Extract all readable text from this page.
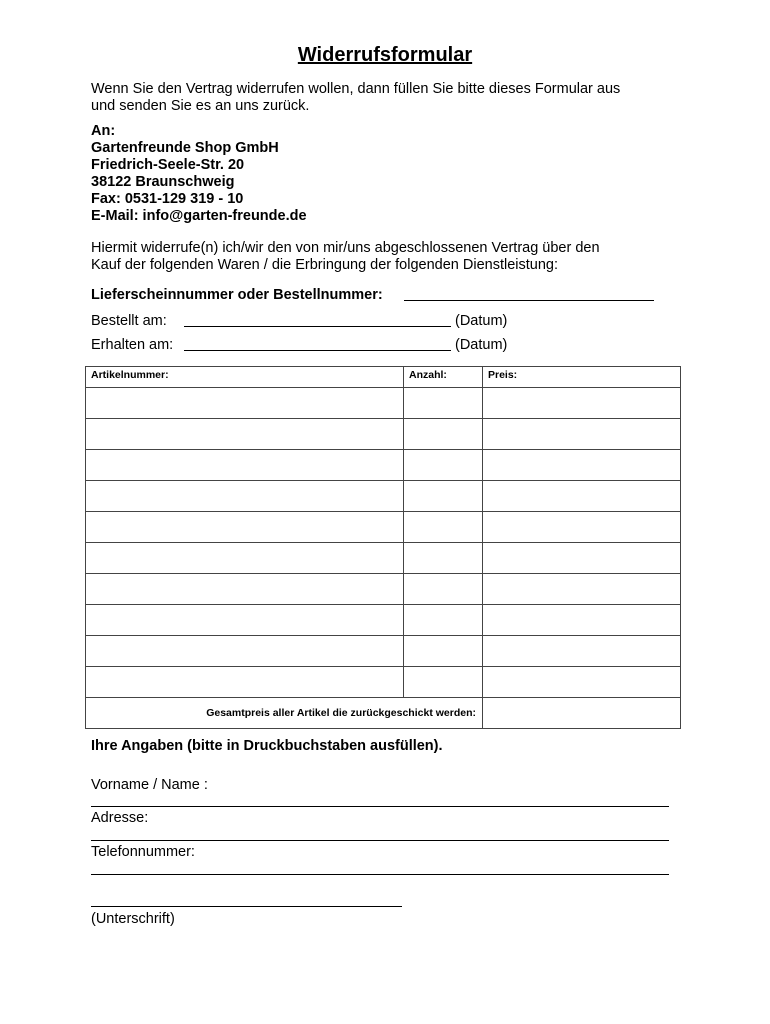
Widerrufsformular
Wenn Sie den Vertrag widerrufen wollen, dann füllen Sie bitte dieses Formular aus
und senden Sie es an uns zurück.
An:
Gartenfreunde Shop GmbH
Friedrich-Seele-Str. 20
38122 Braunschweig
Fax: 0531-129 319 - 10
E-Mail: info@garten-freunde.de
Hiermit widerrufe(n) ich/wir den von mir/uns abgeschlossenen Vertrag über den
Kauf der folgenden Waren / die Erbringung der folgenden Dienstleistung:
Lieferscheinnummer oder Bestellnummer:
Bestellt am:	(Datum)
Erhalten am:	(Datum)
Artikelnummer:	Anzahl:	Preis:

Gesamtpreis aller Artikel die zurückgeschickt werden:		
Ihre Angaben (bitte in Druckbuchstaben ausfüllen).
Vorname / Name :
Adresse:
Telefonnummer:
(Unterschrift)
